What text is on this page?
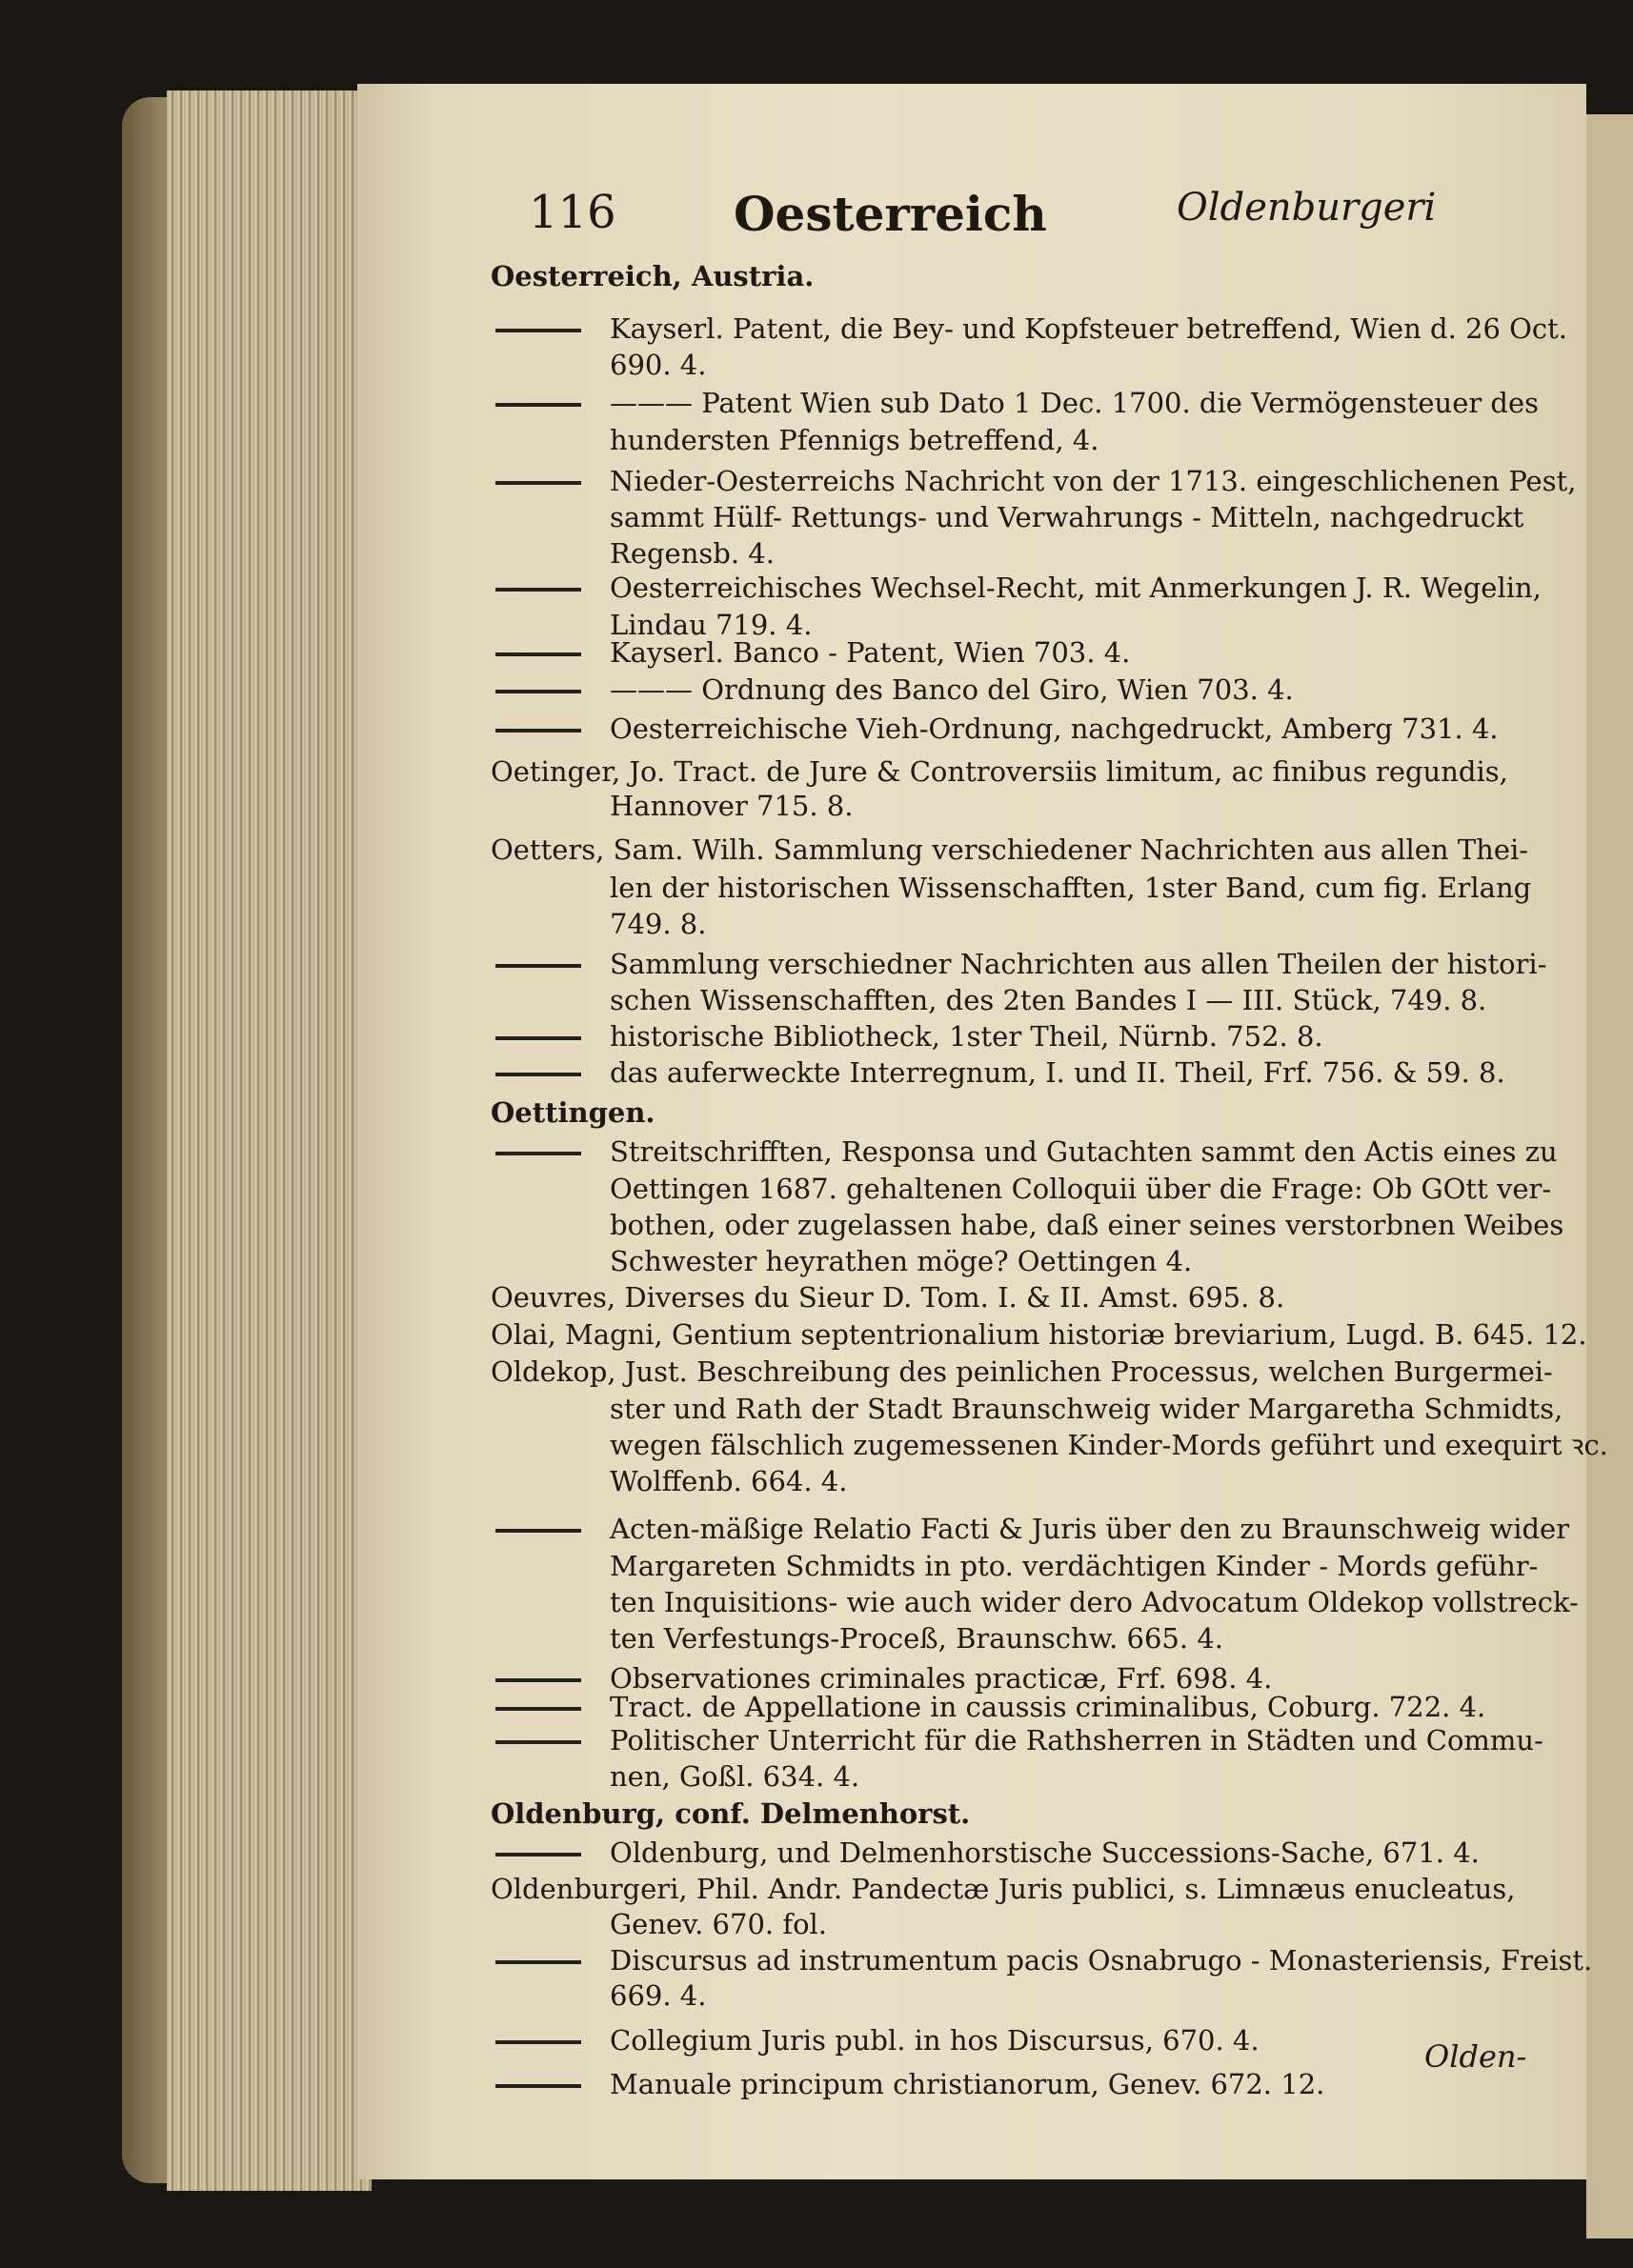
116 Oesterreich	Oldenburgeri
Oesterreich, Austria.
Kayserl. Patent, die Bey- und Kopfsteuer betreffend, Wien d. 26 Oct.
690. 4.
——— Patent Wien sub Dato 1 Dec. 1700. die Vermögensteuer des
hundersten Pfennigs betreffend, 4.
Nieder-Oesterreichs Nachricht von der 1713. eingeschlichenen Pest,
sammt Hülf- Rettungs- und Verwahrungs - Mitteln, nachgedruckt
Regensb. 4.
Oesterreichisches Wechsel-Recht, mit Anmerkungen J. R. Wegelin,
Lindau 719. 4.
Kayserl. Banco - Patent, Wien 703. 4.
——— Ordnung des Banco del Giro, Wien 703. 4.
Oesterreichische Vieh-Ordnung, nachgedruckt, Amberg 731. 4.
Oetinger, Jo. Tract. de Jure & Controversiis limitum, ac finibus regundis,
Hannover 715. 8.
Oetters, Sam. Wilh. Sammlung verschiedener Nachrichten aus allen Thei-
len der historischen Wissenschafften, 1ster Band, cum fig. Erlang
749. 8.
Sammlung verschiedner Nachrichten aus allen Theilen der histori-
schen Wissenschafften, des 2ten Bandes I — III. Stück, 749. 8.
historische Bibliotheck, 1ster Theil, Nürnb. 752. 8.
das auferweckte Interregnum, I. und II. Theil, Frf. 756. & 59. 8.
Oettingen.
Streitschrifften, Responsa und Gutachten sammt den Actis eines zu
Oettingen 1687. gehaltenen Colloquii über die Frage: Ob GOtt ver-
bothen, oder zugelassen habe, daß einer seines verstorbnen Weibes
Schwester heyrathen möge? Oettingen 4.
Oeuvres, Diverses du Sieur D. Tom. I. & II. Amst. 695. 8.
Olai, Magni, Gentium septentrionalium historiæ breviarium, Lugd. B. 645. 12.
Oldekop, Just. Beschreibung des peinlichen Processus, welchen Burgermei-
ster und Rath der Stadt Braunschweig wider Margaretha Schmidts,
wegen fälschlich zugemessenen Kinder-Mords geführt und exequirt ꝛc.
Wolffenb. 664. 4.
Acten-mäßige Relatio Facti & Juris über den zu Braunschweig wider
Margareten Schmidts in pto. verdächtigen Kinder - Mords geführ-
ten Inquisitions- wie auch wider dero Advocatum Oldekop vollstreck-
ten Verfestungs-Proceß, Braunschw. 665. 4.
Observationes criminales practicæ, Frf. 698. 4.
Tract. de Appellatione in caussis criminalibus, Coburg. 722. 4.
Politischer Unterricht für die Rathsherren in Städten und Commu-
nen, Goßl. 634. 4.
Oldenburg, conf. Delmenhorst.
Oldenburg, und Delmenhorstische Successions-Sache, 671. 4.
Oldenburgeri, Phil. Andr. Pandectæ Juris publici, s. Limnæus enucleatus,
Genev. 670. fol.
Discursus ad instrumentum pacis Osnabrugo - Monasteriensis, Freist.
669. 4.
Collegium Juris publ. in hos Discursus, 670. 4.
Manuale principum christianorum, Genev. 672. 12.
Olden-
